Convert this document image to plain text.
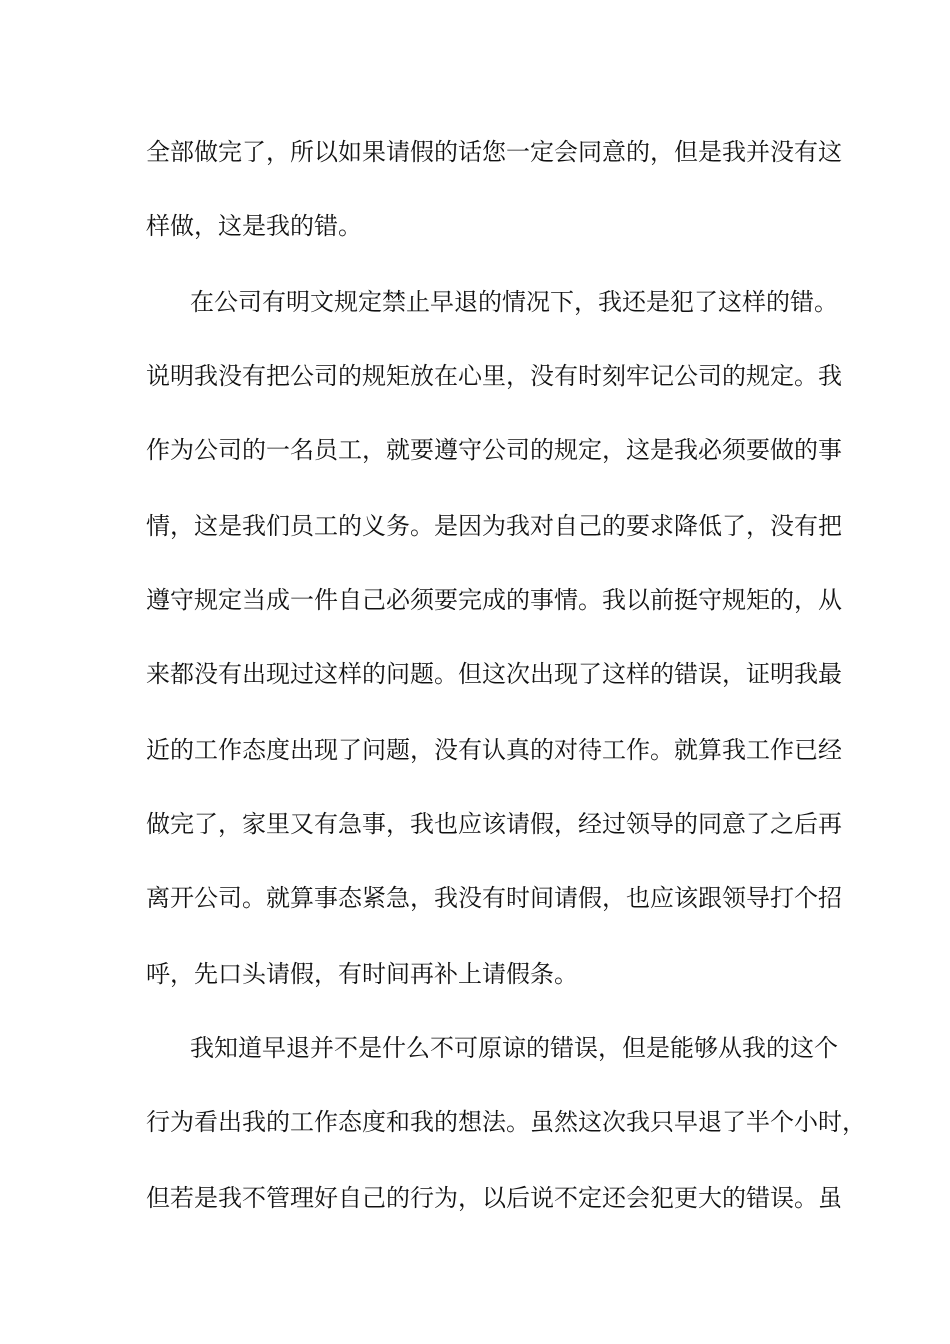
全部做完了，所以如果请假的话您一定会同意的，但是我并没有这
样做，这是我的错。
在公司有明文规定禁止早退的情况下，我还是犯了这样的错。
说明我没有把公司的规矩放在心里，没有时刻牢记公司的规定。我
作为公司的一名员工，就要遵守公司的规定，这是我必须要做的事
情，这是我们员工的义务。是因为我对自己的要求降低了，没有把
遵守规定当成一件自己必须要完成的事情。我以前挺守规矩的，从
来都没有出现过这样的问题。但这次出现了这样的错误，证明我最
近的工作态度出现了问题，没有认真的对待工作。就算我工作已经
做完了，家里又有急事，我也应该请假，经过领导的同意了之后再
离开公司。就算事态紧急，我没有时间请假，也应该跟领导打个招
呼，先口头请假，有时间再补上请假条。
我知道早退并不是什么不可原谅的错误，但是能够从我的这个
行为看出我的工作态度和我的想法。虽然这次我只早退了半个小时，
但若是我不管理好自己的行为，以后说不定还会犯更大的错误。虽
